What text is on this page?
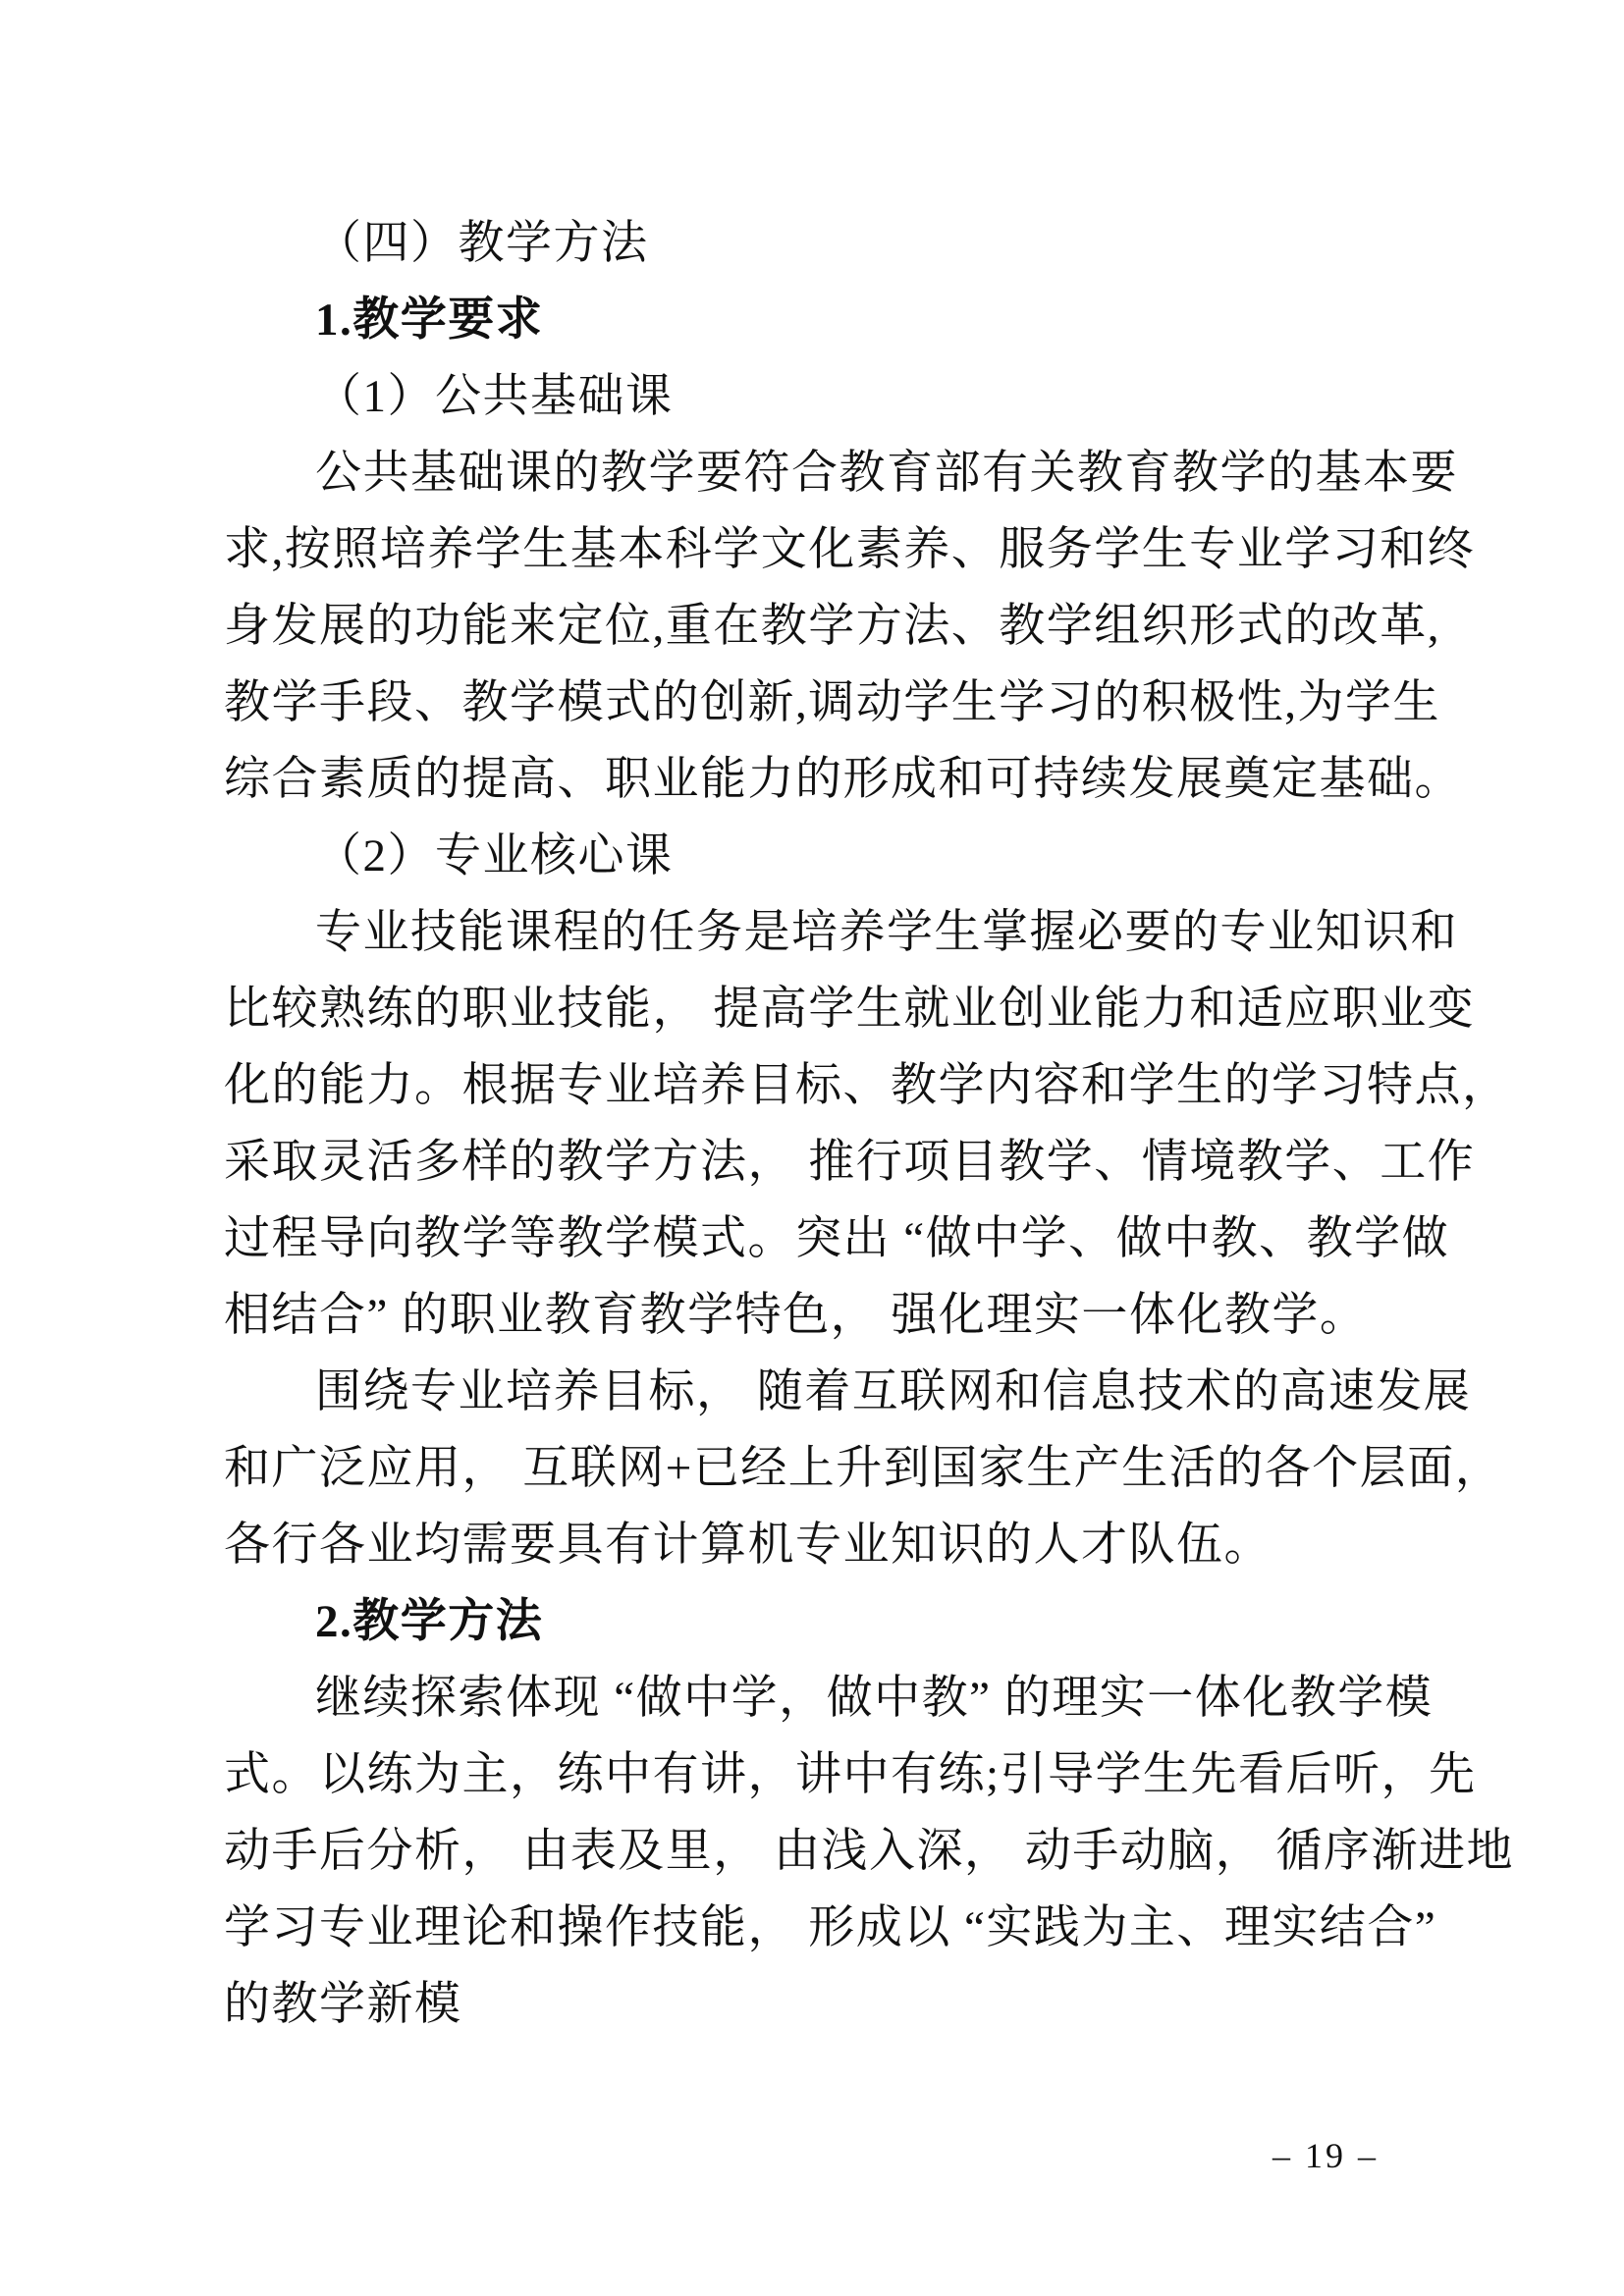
（四）教学方法
1.教学要求
（1）公共基础课
公共基础课的教学要符合教育部有关教育教学的基本要
求,按照培养学生基本科学文化素养、服务学生专业学习和终
身发展的功能来定位,重在教学方法、教学组织形式的改革,
教学手段、教学模式的创新,调动学生学习的积极性,为学生
综合素质的提高、职业能力的形成和可持续发展奠定基础。
（2）专业核心课
专业技能课程的任务是培养学生掌握必要的专业知识和
比较熟练的职业技能， 提高学生就业创业能力和适应职业变
化的能力。根据专业培养目标、教学内容和学生的学习特点，
采取灵活多样的教学方法， 推行项目教学、情境教学、工作
过程导向教学等教学模式。突出 “做中学、做中教、教学做
相结合” 的职业教育教学特色， 强化理实一体化教学。
围绕专业培养目标， 随着互联网和信息技术的高速发展
和广泛应用， 互联网+已经上升到国家生产生活的各个层面，
各行各业均需要具有计算机专业知识的人才队伍。
2.教学方法
继续探索体现 “做中学，做中教” 的理实一体化教学模
式。以练为主，练中有讲，讲中有练;引导学生先看后听，先
动手后分析， 由表及里， 由浅入深， 动手动脑， 循序渐进地
学习专业理论和操作技能， 形成以 “实践为主、理实结合”
的教学新模
– 19 –
